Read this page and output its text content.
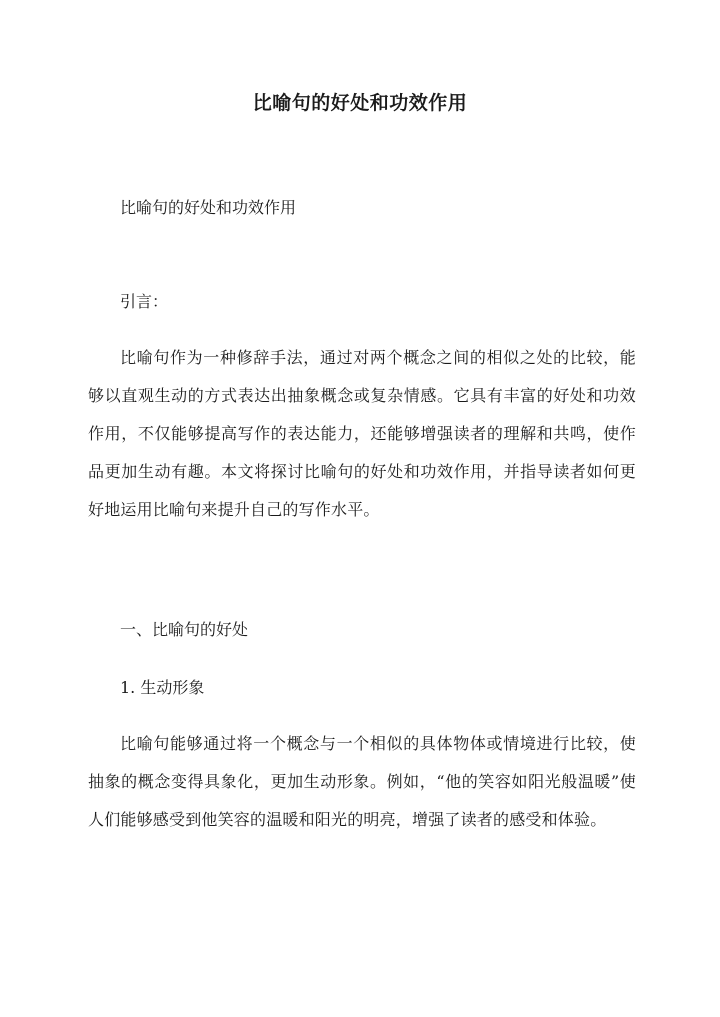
比喻句的好处和功效作用

比喻句的好处和功效作用

引言：

比喻句作为一种修辞手法，通过对两个概念之间的相似之处的比较，能够以直观生动的方式表达出抽象概念或复杂情感。它具有丰富的好处和功效作用，不仅能够提高写作的表达能力，还能够增强读者的理解和共鸣，使作品更加生动有趣。本文将探讨比喻句的好处和功效作用，并指导读者如何更好地运用比喻句来提升自己的写作水平。

一、比喻句的好处

1. 生动形象

比喻句能够通过将一个概念与一个相似的具体物体或情境进行比较，使抽象的概念变得具象化，更加生动形象。例如，“他的笑容如阳光般温暖”使人们能够感受到他笑容的温暖和阳光的明亮，增强了读者的感受和体验。
